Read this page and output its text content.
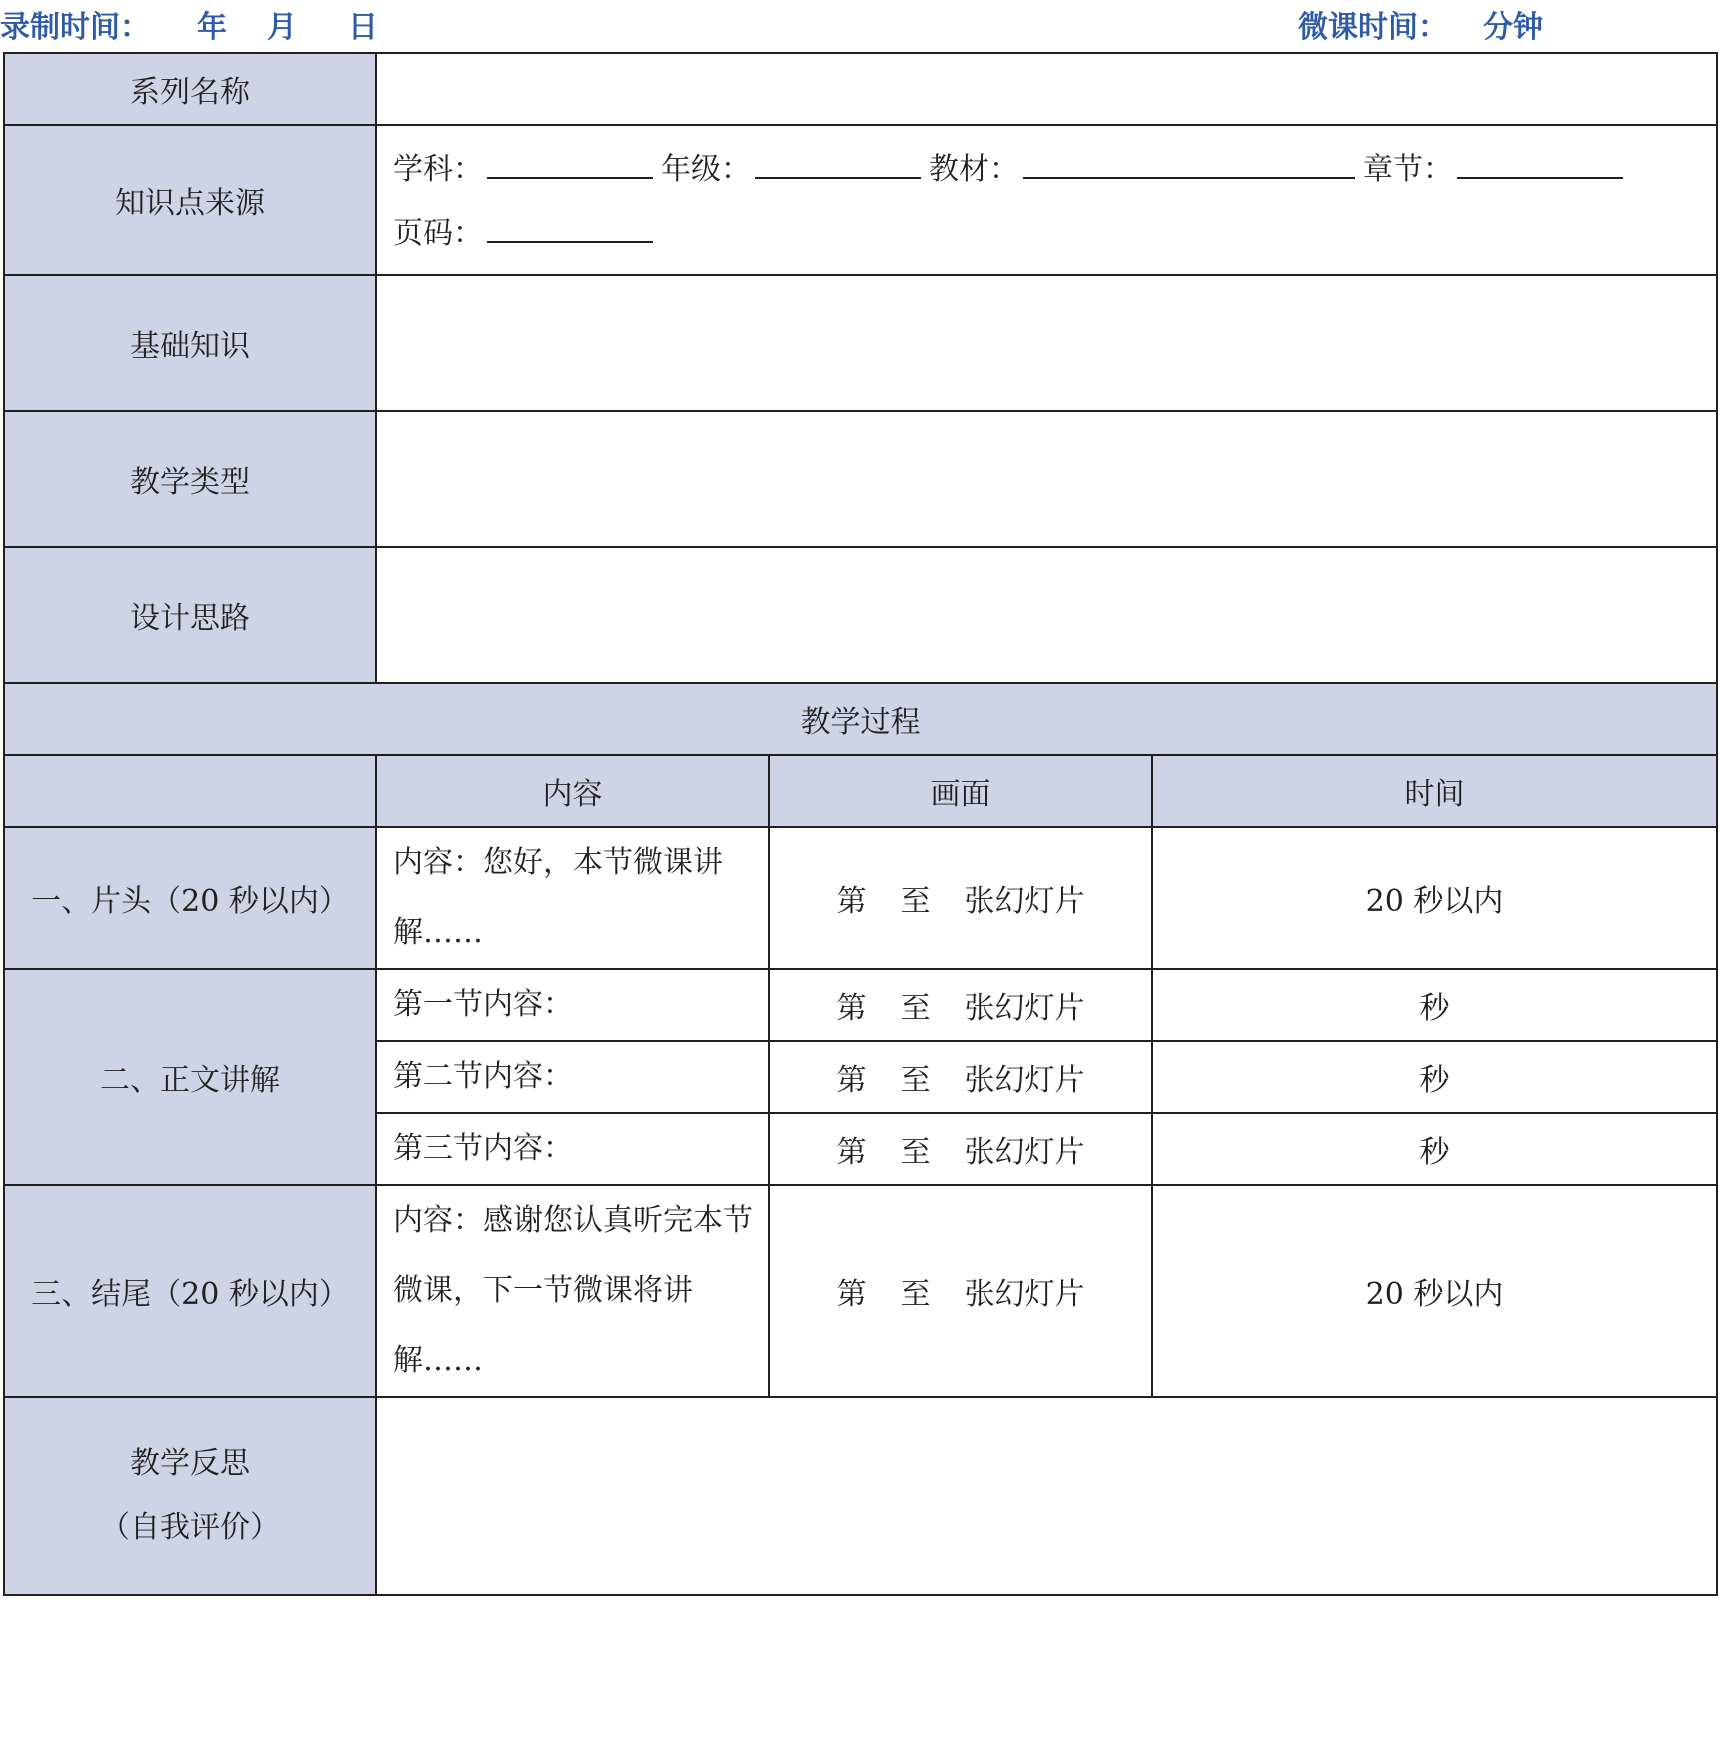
录制时间： 年 月 日	微课时间： 分钟
系列名称			
知识点来源	学科： 年级： 教材： 章节：
页码：		

基础知识			
教学类型			
设计思路			
教学过程			
	内容	画面	时间
一、片头（20 秒以内）	内容：您好，本节微课讲解……	第 至 张幻灯片	20 秒以内
二、正文讲解	第一节内容：	第 至 张幻灯片	秒
	第二节内容：	第 至 张幻灯片	秒
	第三节内容：	第 至 张幻灯片	秒
三、结尾（20 秒以内）	内容：感谢您认真听完本节微课，下一节微课将讲解……	第 至 张幻灯片	20 秒以内

教学反思
（自我评价）			
